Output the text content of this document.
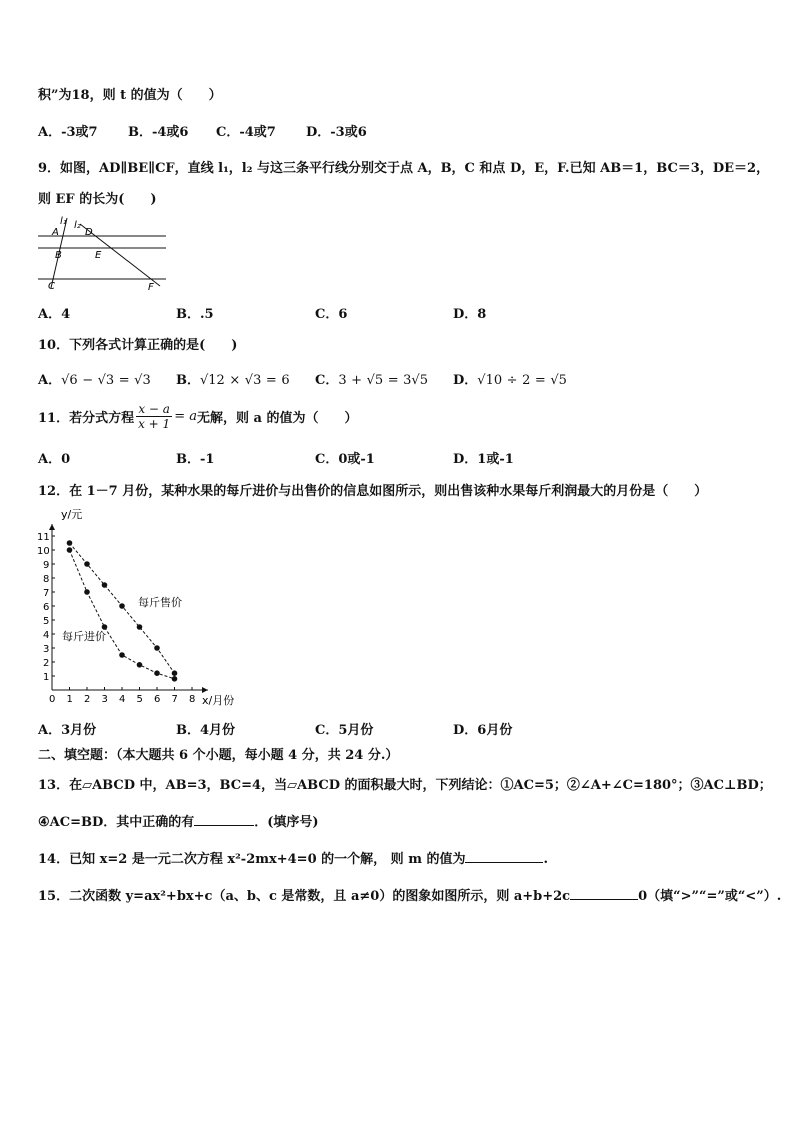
积”为18，则 t 的值为（　　）
A．-3或7 B．-4或6 C．-4或7 D．-3或6
9．如图，AD∥BE∥CF，直线 l₁，l₂ 与这三条平行线分别交于点 A，B，C 和点 D，E，F.已知 AB＝1，BC＝3，DE＝2，
则 EF 的长为(　　)
l₁ l₂
A	D
B	E
C	F
A．4	B．.5	C．6	D．8
10．下列各式计算正确的是(　　)
A．√6 − √3 = √3 B．√12 × √3 = 6 C．3 + √5 = 3√5 D．√10 ÷ 2 = √5
11．若分式方程 $\frac{x - a}{x + 1} = a$ 无解，则 a 的值为（　　）
A．0	B．-1	C．0或-1	D．1或-1
12．在 1－7 月份，某种水果的每斤进价与出售价的信息如图所示，则出售该种水果每斤利润最大的月份是（　　）
0 1 2 3 4 5 6 7 8
1
2
3
4
5
6
7
8
9
10
11
y/元
x/月份
每斤售价
每斤进价
A．3月份	B．4月份	C．5月份	D．6月份
二、填空题：（本大题共 6 个小题，每小题 4 分，共 24 分.）
13．在▱ABCD 中，AB=3，BC=4，当▱ABCD 的面积最大时，下列结论：①AC=5；②∠A+∠C=180°；③AC⊥BD；
④AC=BD．其中正确的有	．(填序号)
14．已知 x=2 是一元二次方程 x²-2mx+4=0 的一个解， 则 m 的值为	.
15．二次函数 y=ax²+bx+c（a、b、c 是常数，且 a≠0）的图象如图所示，则 a+b+2c	0（填“>”“=”或“<”）.
